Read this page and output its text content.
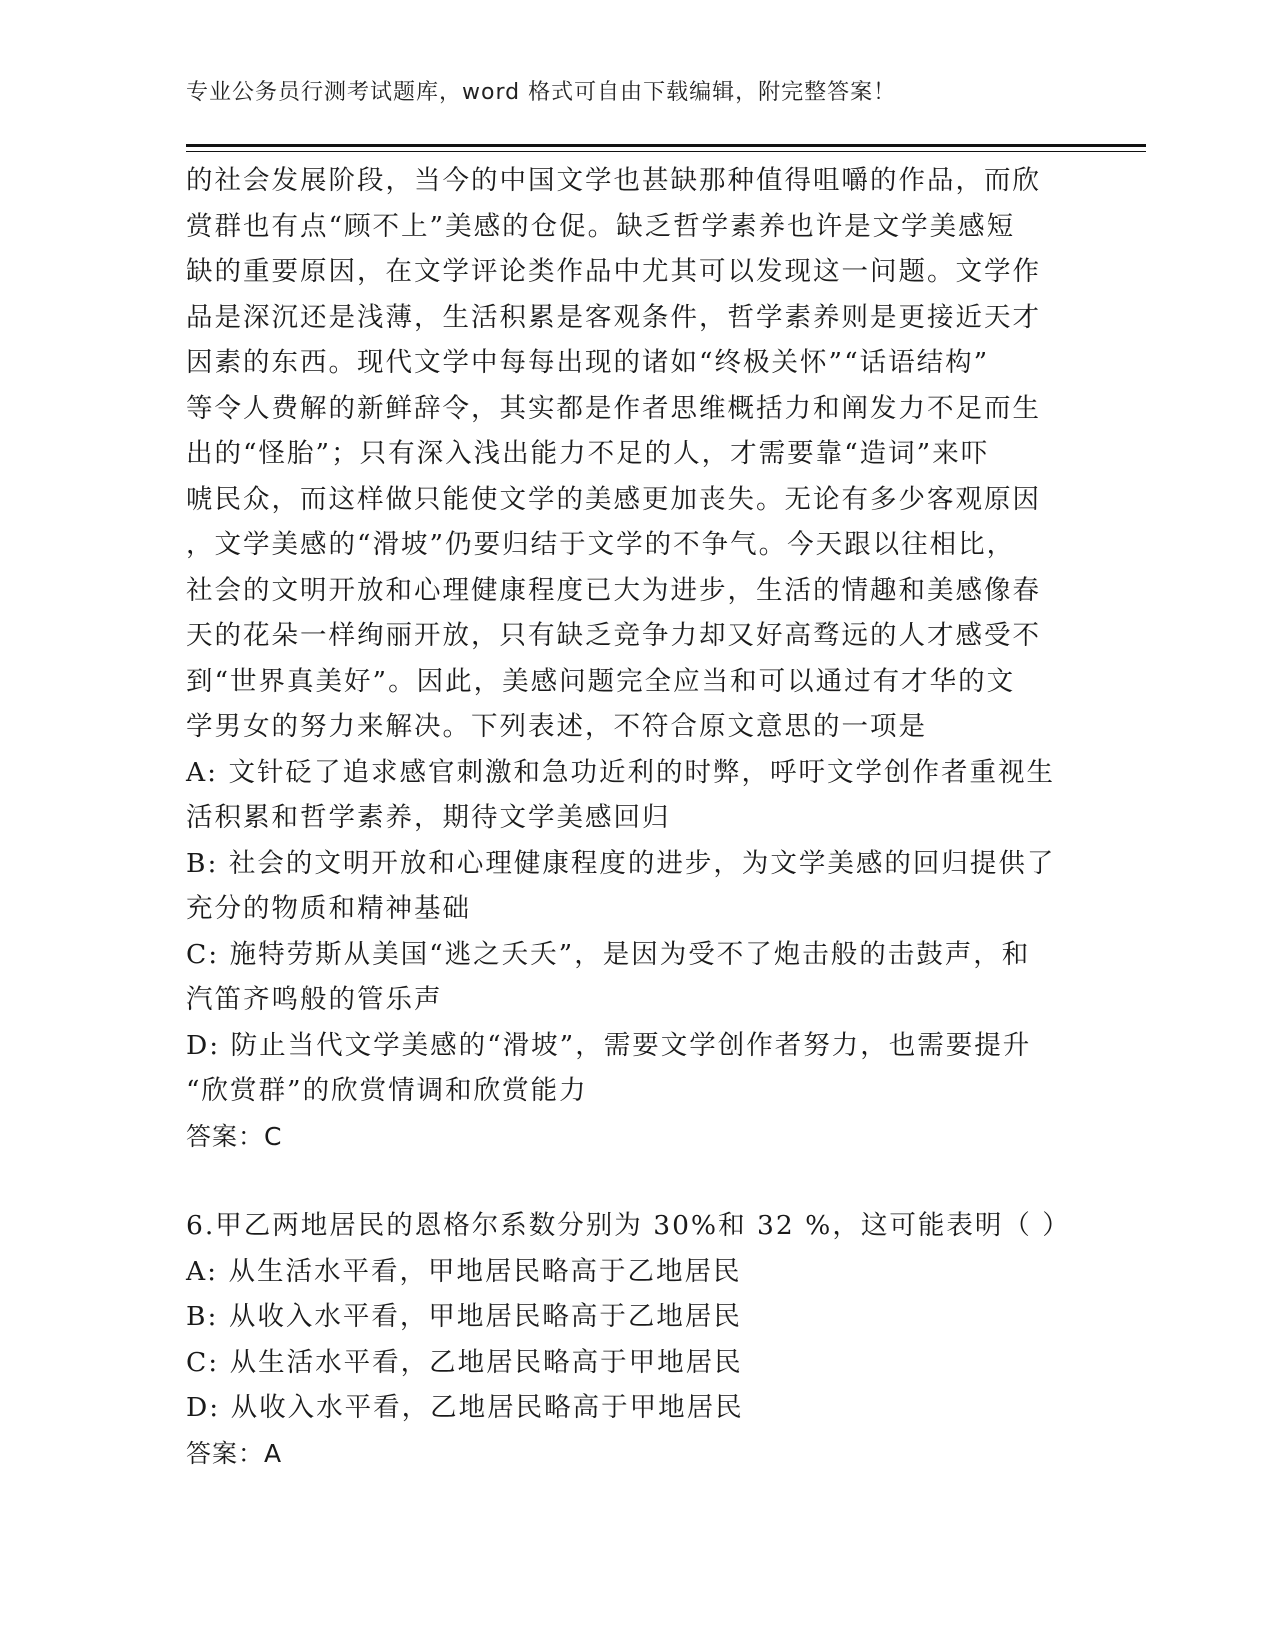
专业公务员行测考试题库，word 格式可自由下载编辑，附完整答案！
的社会发展阶段，当今的中国文学也甚缺那种值得咀嚼的作品，而欣
赏群也有点“顾不上”美感的仓促。缺乏哲学素养也许是文学美感短
缺的重要原因，在文学评论类作品中尤其可以发现这一问题。文学作
品是深沉还是浅薄，生活积累是客观条件，哲学素养则是更接近天才
因素的东西。现代文学中每每出现的诸如“终极关怀”“话语结构”
等令人费解的新鲜辞令，其实都是作者思维概括力和阐发力不足而生
出的“怪胎”；只有深入浅出能力不足的人，才需要靠“造词”来吓
唬民众，而这样做只能使文学的美感更加丧失。无论有多少客观原因
，文学美感的“滑坡”仍要归结于文学的不争气。今天跟以往相比，
社会的文明开放和心理健康程度已大为进步，生活的情趣和美感像春
天的花朵一样绚丽开放，只有缺乏竞争力却又好高骛远的人才感受不
到“世界真美好”。因此，美感问题完全应当和可以通过有才华的文
学男女的努力来解决。下列表述，不符合原文意思的一项是
A: 文针砭了追求感官刺激和急功近利的时弊，呼吁文学创作者重视生
活积累和哲学素养，期待文学美感回归
B: 社会的文明开放和心理健康程度的进步，为文学美感的回归提供了
充分的物质和精神基础
C: 施特劳斯从美国“逃之夭夭”，是因为受不了炮击般的击鼓声，和
汽笛齐鸣般的管乐声
D: 防止当代文学美感的“滑坡”，需要文学创作者努力，也需要提升
“欣赏群”的欣赏情调和欣赏能力
答案：C
6.甲乙两地居民的恩格尔系数分别为 30%和 32 %，这可能表明（ ）
A: 从生活水平看，甲地居民略高于乙地居民
B: 从收入水平看，甲地居民略高于乙地居民
C: 从生活水平看，乙地居民略高于甲地居民
D: 从收入水平看，乙地居民略高于甲地居民
答案：A
